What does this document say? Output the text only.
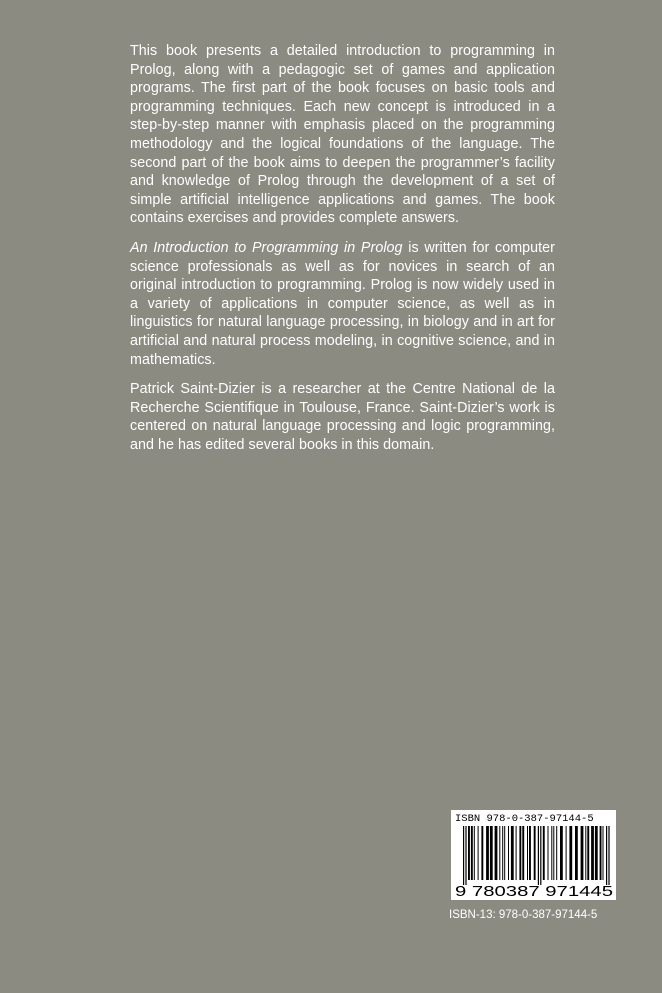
This book presents a detailed introduction to programming in Prolog, along with a pedagogic set of games and application programs. The first part of the book focuses on basic tools and programming techniques. Each new concept is introduced in a step-by-step manner with emphasis placed on the programming methodology and the logical foundations of the language. The second part of the book aims to deepen the programmer’s facility and knowledge of Prolog through the development of a set of simple artificial intelligence applications and games. The book contains exercises and provides complete answers.

An Introduction to Programming in Prolog is written for computer science professionals as well as for novices in search of an original introduction to programming. Prolog is now widely used in a variety of applications in computer science, as well as in linguistics for natural language processing, in biology and in art for artificial and natural process modeling, in cognitive science, and in mathematics.

Patrick Saint-Dizier is a researcher at the Centre National de la Recherche Scientifique in Toulouse, France. Saint-Dizier’s work is centered on natural language processing and logic programming, and he has edited several books in this domain.

ISBN 978-0-387-97144-5
9 780387 971445
ISBN-13: 978-0-387-97144-5
